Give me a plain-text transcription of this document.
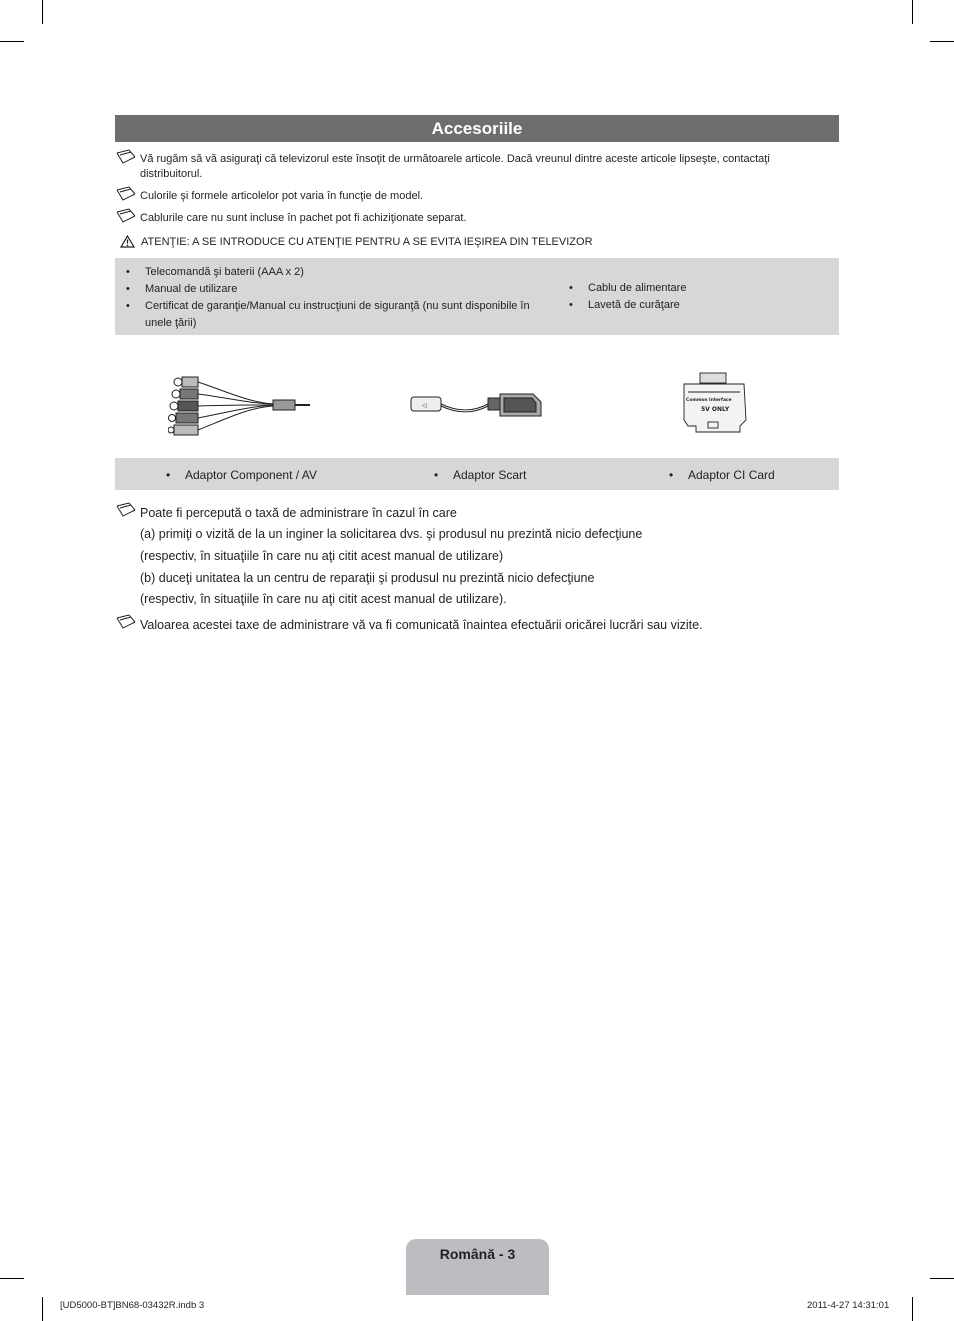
Accesoriile
Vă rugăm să vă asiguraţi că televizorul este însoţit de următoarele articole. Dacă vreunul dintre aceste articole lipseşte, contactaţi distribuitorul.
Culorile şi formele articolelor pot varia în funcţie de model.
Cablurile care nu sunt incluse în pachet pot fi achiziţionate separat.
ATENŢIE: A SE INTRODUCE CU ATENŢIE PENTRU A SE EVITA IEŞIREA DIN TELEVIZOR
• Telecomandă şi baterii (AAA x 2)
• Manual de utilizare
• Certificat de garanţie/Manual cu instrucţiuni de siguranţă (nu sunt disponibile în unele ţării)
• Cablu de alimentare
• Lavetă de curăţare
◁
Common Interface
5V ONLY
• Adaptor Component / AV	• Adaptor Scart	• Adaptor CI Card
Poate fi percepută o taxă de administrare în cazul în care
(a) primiţi o vizită de la un inginer la solicitarea dvs. şi produsul nu prezintă nicio defecţiune
(respectiv, în situaţiile în care nu aţi citit acest manual de utilizare)
(b) duceţi unitatea la un centru de reparaţii şi produsul nu prezintă nicio defecţiune
(respectiv, în situaţiile în care nu aţi citit acest manual de utilizare).
Valoarea acestei taxe de administrare vă va fi comunicată înaintea efectuării oricărei lucrări sau vizite.
Română - 3
[UD5000-BT]BN68-03432R.indb 3	2011-4-27 14:31:01
